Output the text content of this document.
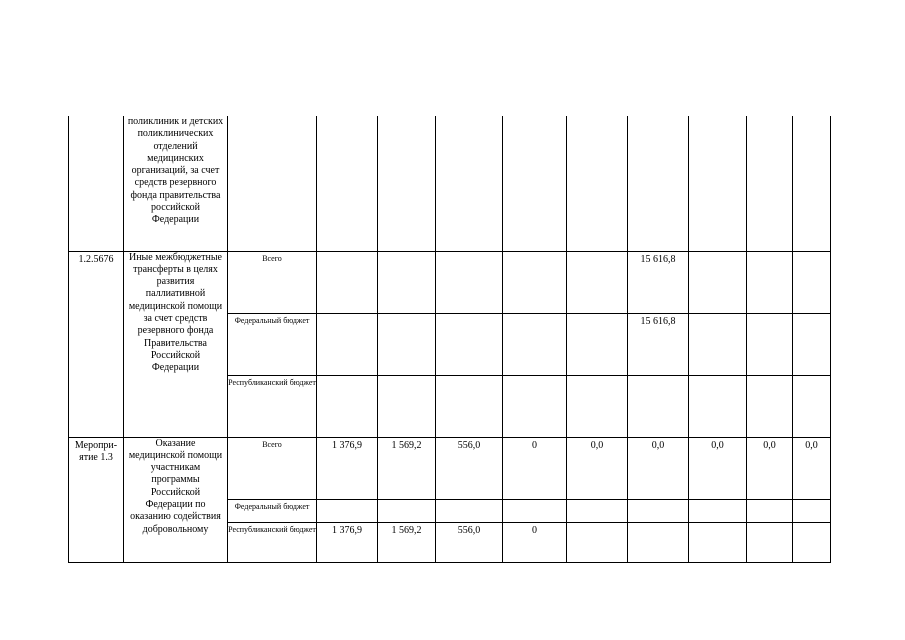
	поликлиник и детских поликлинических отделений медицинских организаций, за счет средств резервного фонда правительства российской Федерации										
1.2.5676	Иные межбюджетные трансферты в целях развития паллиативной медицинской помощи за счет средств резервного фонда Правительства Российской Федерации	Всего						15 616,8			
		Федеральный бюджет						15 616,8			
		Республиканский бюджет									
Меропри-ятие 1.3	Оказание медицинской помощи участникам программы Российской Федерации по оказанию содействия добровольному	Всего	1 376,9	1 569,2	556,0	0	0,0	0,0	0,0	0,0	0,0
		Федеральный бюджет									
		Республиканский бюджет	1 376,9	1 569,2	556,0	0					
